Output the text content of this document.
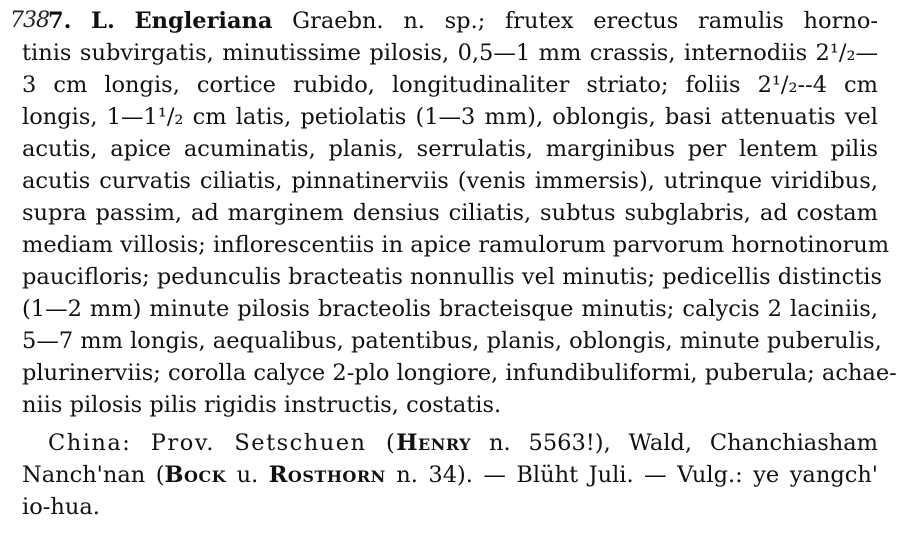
738 7. L. Engleriana Graebn. n. sp.; frutex erectus ramulis horno-
tinis subvirgatis, minutissime pilosis, 0,5—1 mm crassis, internodiis 2¹/₂—
3 cm longis, cortice rubido, longitudinaliter striato; foliis 2¹/₂--4 cm
longis, 1—1¹/₂ cm latis, petiolatis (1—3 mm), oblongis, basi attenuatis vel
acutis, apice acuminatis, planis, serrulatis, marginibus per lentem pilis
acutis curvatis ciliatis, pinnatinerviis (venis immersis), utrinque viridibus,
supra passim, ad marginem densius ciliatis, subtus subglabris, ad costam
mediam villosis; inflorescentiis in apice ramulorum parvorum hornotinorum
paucifloris; pedunculis bracteatis nonnullis vel minutis; pedicellis distinctis
(1—2 mm) minute pilosis bracteolis bracteisque minutis; calycis 2 laciniis,
5—7 mm longis, aequalibus, patentibus, planis, oblongis, minute puberulis,
plurinerviis; corolla calyce 2-plo longiore, infundibuliformi, puberula; achae-
niis pilosis pilis rigidis instructis, costatis.
China: Prov. Setschuen (Henry n. 5563!), Wald, Chanchiasham
Nanch'nan (Bock u. Rosthorn n. 34). — Blüht Juli. — Vulg.: ye yangch'
io-hua.
